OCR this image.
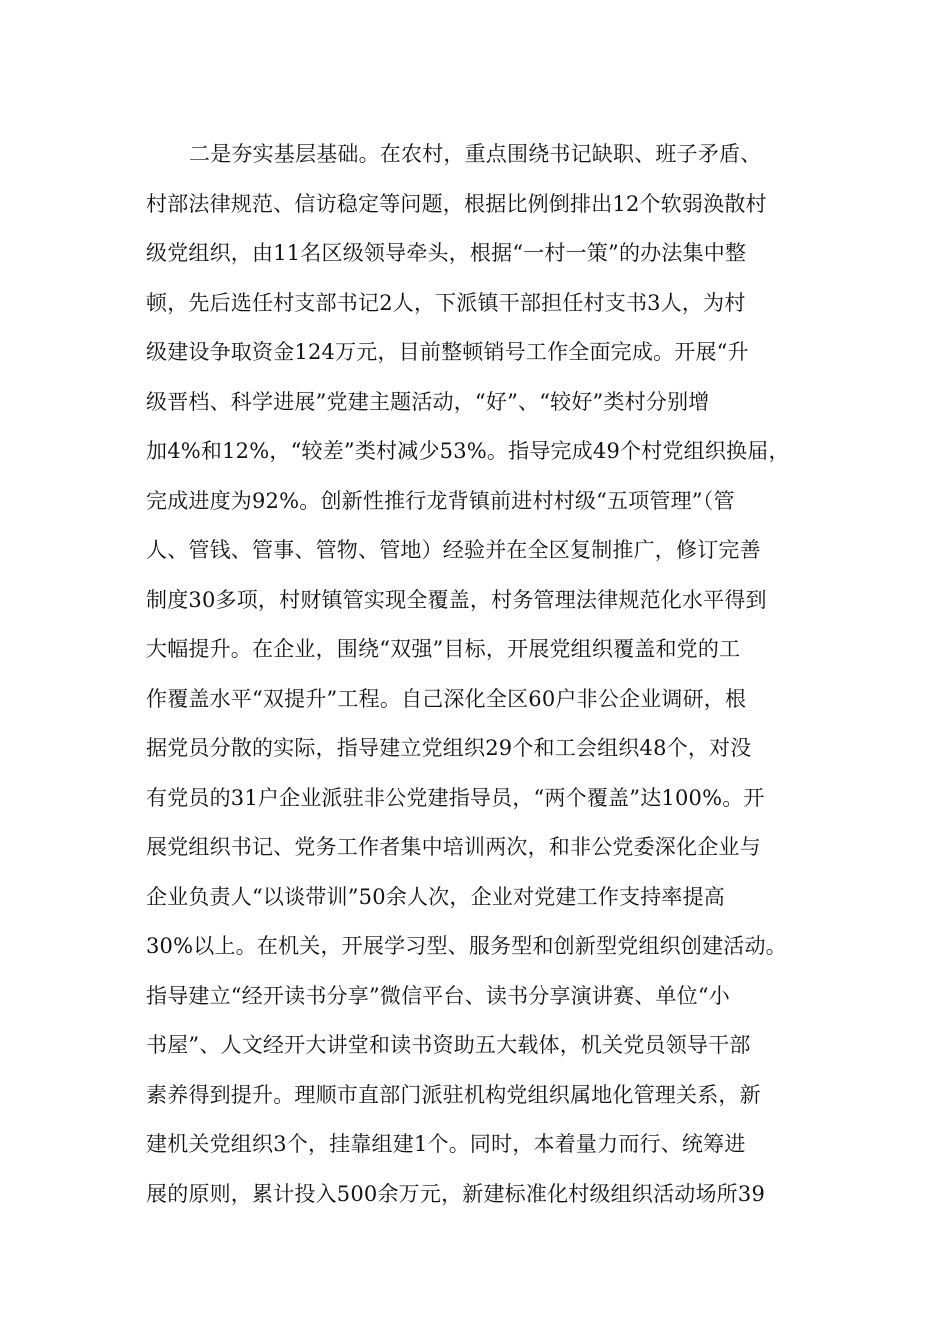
二是夯实基层基础。在农村，重点围绕书记缺职、班子矛盾、
村部法律规范、信访稳定等问题，根据比例倒排出12个软弱涣散村
级党组织，由11名区级领导牵头，根据“一村一策”的办法集中整
顿，先后选任村支部书记2人，下派镇干部担任村支书3人，为村
级建设争取资金124万元，目前整顿销号工作全面完成。开展“升
级晋档、科学进展”党建主题活动，“好”、“较好”类村分别增
加4%和12%，“较差”类村减少53%。指导完成49个村党组织换届，
完成进度为92%。创新性推行龙背镇前进村村级“五项管理”（管
人、管钱、管事、管物、管地）经验并在全区复制推广，修订完善
制度30多项，村财镇管实现全覆盖，村务管理法律规范化水平得到
大幅提升。在企业，围绕“双强”目标，开展党组织覆盖和党的工
作覆盖水平“双提升”工程。自己深化全区60户非公企业调研，根
据党员分散的实际，指导建立党组织29个和工会组织48个，对没
有党员的31户企业派驻非公党建指导员，“两个覆盖”达100%。开
展党组织书记、党务工作者集中培训两次，和非公党委深化企业与
企业负责人“以谈带训”50余人次，企业对党建工作支持率提高
30%以上。在机关，开展学习型、服务型和创新型党组织创建活动。
指导建立“经开读书分享”微信平台、读书分享演讲赛、单位“小
书屋”、人文经开大讲堂和读书资助五大载体，机关党员领导干部
素养得到提升。理顺市直部门派驻机构党组织属地化管理关系，新
建机关党组织3个，挂靠组建1个。同时，本着量力而行、统筹进
展的原则，累计投入500余万元，新建标准化村级组织活动场所39
